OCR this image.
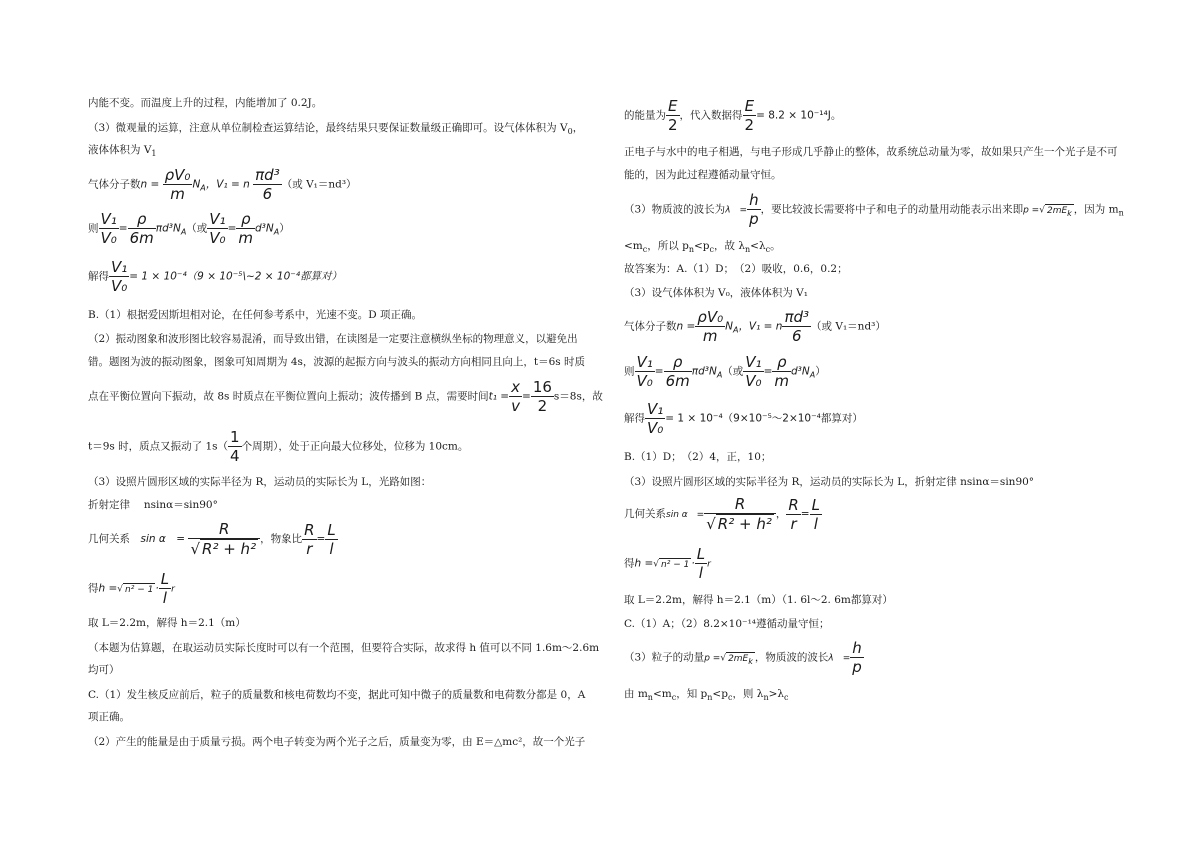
内能不变。而温度上升的过程，内能增加了 0.2J。
（3）微观量的运算，注意从单位制检查运算结论，最终结果只要保证数量级正确即可。设气体体积为 $V_0$，
液体体积为 $V_1$
气体分子数$n = \frac{\text{ρV₀}}{m} N_A$，V₁ = n $\frac{\text{πd³}}{6}$ （或 V₁＝nd³）
则 $\frac{\text{V₁}}{\text{V₀}} = \frac{\rho}{6m} \pi d^3N_A$（或 $\frac{\text{V₁}}{\text{V₀}} = \frac{\rho}{m} d^3N_A$）
解得 $\frac{\text{V₁}}{\text{V₀}} = 1 \times 10^{-4}(9$ × 10⁻⁵\~2 × 10⁻⁴都算对）
B.（1）根据爱因斯坦相对论，在任何参考系中，光速不变。D 项正确。
（2）振动图象和波形图比较容易混淆，而导致出错，在读图是一定要注意横纵坐标的物理意义，以避免出
错。题图为波的振动图象，图象可知周期为 4s，波源的起振方向与波头的振动方向相同且向上，t＝6s 时质
点在平衡位置向下振动，故 8s 时质点在平衡位置向上振动；波传播到 B 点，需要时间$t_1 = \frac{x}{v} = \frac{16}{2} s=8s$，故
t＝9s 时，质点又振动了 $1s( \frac{1}{4}$ 个周期），处于正向最大位移处，位移为 10cm。
（3）设照片圆形区域的实际半径为 R，运动员的实际长为 L，光路如图：
折射定律　 nsinα＝sin90°
几何关系　sin α　= $\frac{R}{\text{√ R² + h²}}$ ，物象比 $\frac{R}{r} = \frac{L}{l}$
得h =√ $n^2 - 1 \cdot \frac{L}{l}$ r
取 L＝2.2m，解得 h＝2.1（m）
（本题为估算题，在取运动员实际长度时可以有一个范围，但要符合实际，故求得 h 值可以不同 1.6m～2.6m
均可）
C.（1）发生核反应前后，粒子的质量数和核电荷数均不变，据此可知中微子的质量数和电荷数分都是 0，A
项正确。
（2）产生的能量是由于质量亏损。两个电子转变为两个光子之后，质量变为零，由 E＝△mc²，故一个光子
的能量为 $\frac{E}{2}$ ，代入数据得 $\frac{E}{2} = 8.2 \times 10^{-14}J$。
正电子与水中的电子相遇，与电子形成几乎静止的整体，故系统总动量为零，故如果只产生一个光子是不可
能的，因为此过程遵循动量守恒。
（3）物质波的波长为λ　= $\frac{h}{p}$ ，要比较波长需要将中子和电子的动量用动能表示出来即p =√ $2mE_k$ ，因为 $m_n$
$<m_c$，所以 $p_n<p_c$，故 $\lambda_n<\lambda_c$。
故答案为：A.（1）D；　（2）吸收，0.6，0.2；
（3）设气体体积为 V₀，液体体积为 V₁
气体分子数$n = \frac{\text{ρV₀}}{m} N_A$，V₁ = n $\frac{\text{πd³}}{6}$ （或 V₁＝nd³）
则 $\frac{\text{V₁}}{\text{V₀}} = \frac{\rho}{6m} \pi d^3N_A$（或 $\frac{\text{V₁}}{\text{V₀}} = \frac{\rho}{m} d^3N_A$）
解得 $\frac{\text{V₁}}{\text{V₀}} = 1$ × 10⁻⁴（9×10⁻⁵～2×10⁻⁴都算对）
B.（1）D；　（2）4，正，10；
（3）设照片圆形区域的实际半径为 R，运动员的实际长为 L，折射定律 nsinα＝sin90°
几何关系sin α　= $\frac{R}{\text{√ R² + h²}}$ ， $\frac{R}{r} = \frac{L}{l}$
得h =√ $n^2 - 1 \cdot \frac{L}{l}$ r
取 L＝2.2m，解得 h＝2.1（m）（1. 6l～2. 6m都算对）
C.（1）A；（2）8.2×10⁻¹⁴遵循动量守恒；
（3）粒子的动量p =√ $2mE_k$ ，物质波的波长λ　= $\frac{h}{p}$
由 $m_n<m_c$，知 $p_n<p_c$，则 $\lambda_n>\lambda_c$
